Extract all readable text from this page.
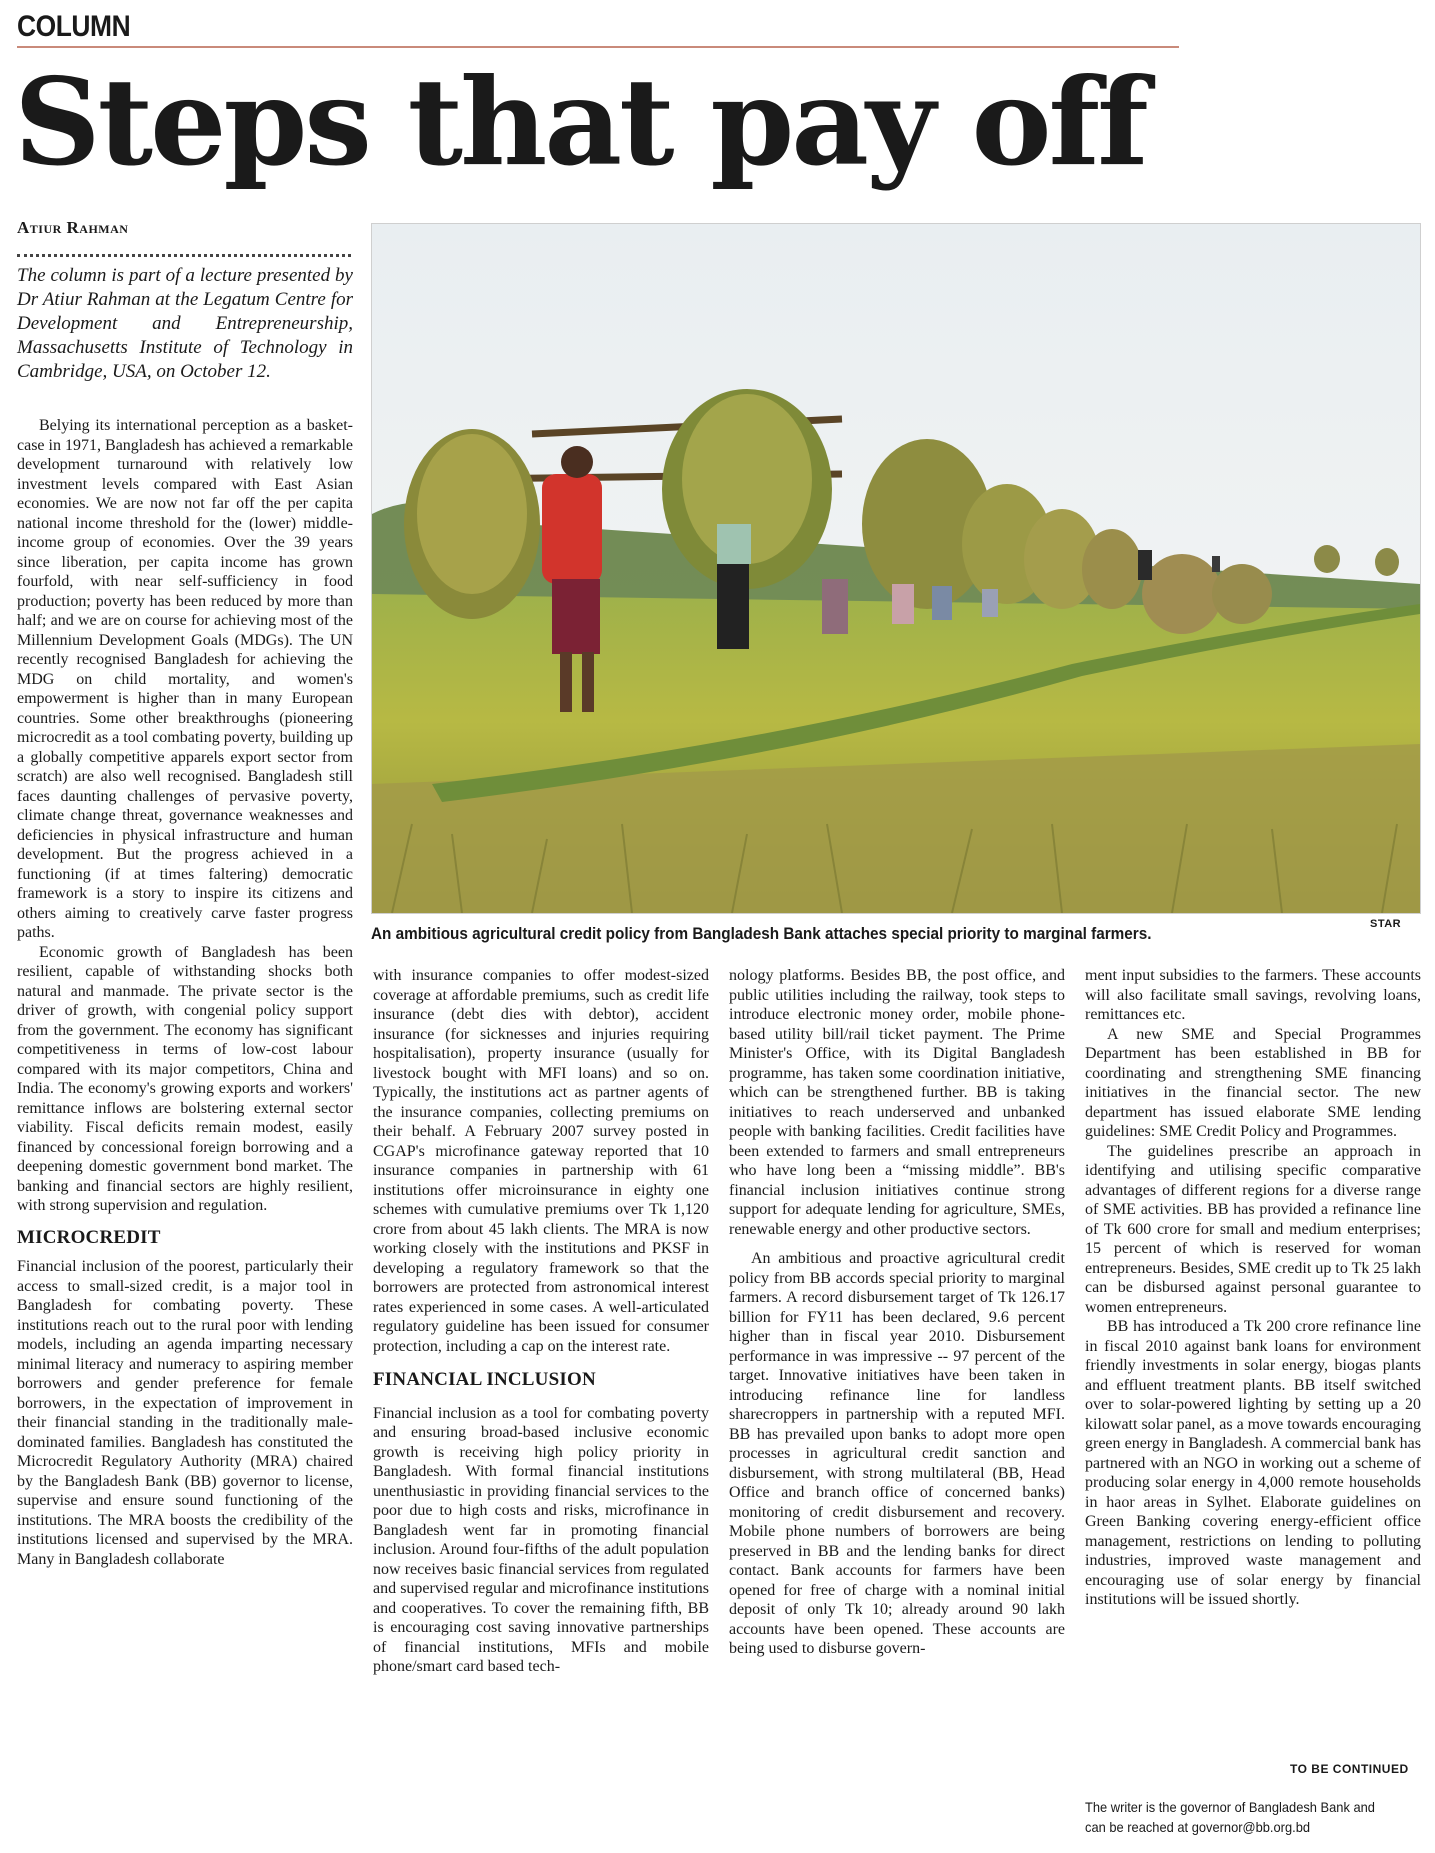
COLUMN
Steps that pay off
Atiur Rahman
The column is part of a lecture presented by Dr Atiur Rahman at the Legatum Centre for Development and Entrepreneurship, Massachusetts Institute of Technology in Cambridge, USA, on October 12.
STAR
An ambitious agricultural credit policy from Bangladesh Bank attaches special priority to marginal farmers.

Belying its international perception as a basket-case in 1971, Bangladesh has achieved a remarkable development turnaround with relatively low investment levels compared with East Asian economies. We are now not far off the per capita national income threshold for the (lower) middle-income group of economies. Over the 39 years since liberation, per capita income has grown fourfold, with near self-sufficiency in food production; poverty has been reduced by more than half; and we are on course for achieving most of the Millennium Development Goals (MDGs). The UN recently recognised Bangladesh for achieving the MDG on child mortality, and women's empowerment is higher than in many European countries. Some other breakthroughs (pioneering microcredit as a tool combating poverty, building up a globally competitive apparels export sector from scratch) are also well recognised. Bangladesh still faces daunting challenges of pervasive poverty, climate change threat, governance weaknesses and deficiencies in physical infrastructure and human development. But the progress achieved in a functioning (if at times faltering) democratic framework is a story to inspire its citizens and others aiming to creatively carve faster progress paths.

Economic growth of Bangladesh has been resilient, capable of withstanding shocks both natural and manmade. The private sector is the driver of growth, with congenial policy support from the government. The economy has significant competitiveness in terms of low-cost labour compared with its major competitors, China and India. The economy's growing exports and workers' remittance inflows are bolstering external sector viability. Fiscal deficits remain modest, easily financed by concessional foreign borrowing and a deepening domestic government bond market. The banking and financial sectors are highly resilient, with strong supervision and regulation.

MICROCREDIT

Financial inclusion of the poorest, particularly their access to small-sized credit, is a major tool in Bangladesh for combating poverty. These institutions reach out to the rural poor with lending models, including an agenda imparting necessary minimal literacy and numeracy to aspiring member borrowers and gender preference for female borrowers, in the expectation of improvement in their financial standing in the traditionally male-dominated families. Bangladesh has constituted the Microcredit Regulatory Authority (MRA) chaired by the Bangladesh Bank (BB) governor to license, supervise and ensure sound functioning of the institutions. The MRA boosts the credibility of the institutions licensed and supervised by the MRA. Many in Bangladesh collaborate

with insurance companies to offer modest-sized coverage at affordable premiums, such as credit life insurance (debt dies with debtor), accident insurance (for sicknesses and injuries requiring hospitalisation), property insurance (usually for livestock bought with MFI loans) and so on. Typically, the institutions act as partner agents of the insurance companies, collecting premiums on their behalf. A February 2007 survey posted in CGAP's microfinance gateway reported that 10 insurance companies in partnership with 61 institutions offer microinsurance in eighty one schemes with cumulative premiums over Tk 1,120 crore from about 45 lakh clients. The MRA is now working closely with the institutions and PKSF in developing a regulatory framework so that the borrowers are protected from astronomical interest rates experienced in some cases. A well-articulated regulatory guideline has been issued for consumer protection, including a cap on the interest rate.

FINANCIAL INCLUSION

Financial inclusion as a tool for combating poverty and ensuring broad-based inclusive economic growth is receiving high policy priority in Bangladesh. With formal financial institutions unenthusiastic in providing financial services to the poor due to high costs and risks, microfinance in Bangladesh went far in promoting financial inclusion. Around four-fifths of the adult population now receives basic financial services from regulated and supervised regular and microfinance institutions and cooperatives. To cover the remaining fifth, BB is encouraging cost saving innovative partnerships of financial institutions, MFIs and mobile phone/smart card based tech-

nology platforms. Besides BB, the post office, and public utilities including the railway, took steps to introduce electronic money order, mobile phone-based utility bill/rail ticket payment. The Prime Minister's Office, with its Digital Bangladesh programme, has taken some coordination initiative, which can be strengthened further. BB is taking initiatives to reach underserved and unbanked people with banking facilities. Credit facilities have been extended to farmers and small entrepreneurs who have long been a “missing middle”. BB's financial inclusion initiatives continue strong support for adequate lending for agriculture, SMEs, renewable energy and other productive sectors.

An ambitious and proactive agricultural credit policy from BB accords special priority to marginal farmers. A record disbursement target of Tk 126.17 billion for FY11 has been declared, 9.6 percent higher than in fiscal year 2010. Disbursement performance in was impressive -- 97 percent of the target. Innovative initiatives have been taken in introducing refinance line for landless sharecroppers in partnership with a reputed MFI. BB has prevailed upon banks to adopt more open processes in agricultural credit sanction and disbursement, with strong multilateral (BB, Head Office and branch office of concerned banks) monitoring of credit disbursement and recovery. Mobile phone numbers of borrowers are being preserved in BB and the lending banks for direct contact. Bank accounts for farmers have been opened for free of charge with a nominal initial deposit of only Tk 10; already around 90 lakh accounts have been opened. These accounts are being used to disburse govern-

ment input subsidies to the farmers. These accounts will also facilitate small savings, revolving loans, remittances etc.

A new SME and Special Programmes Department has been established in BB for coordinating and strengthening SME financing initiatives in the financial sector. The new department has issued elaborate SME lending guidelines: SME Credit Policy and Programmes.

The guidelines prescribe an approach in identifying and utilising specific comparative advantages of different regions for a diverse range of SME activities. BB has provided a refinance line of Tk 600 crore for small and medium enterprises; 15 percent of which is reserved for woman entrepreneurs. Besides, SME credit up to Tk 25 lakh can be disbursed against personal guarantee to women entrepreneurs.

BB has introduced a Tk 200 crore refinance line in fiscal 2010 against bank loans for environment friendly investments in solar energy, biogas plants and effluent treatment plants. BB itself switched over to solar-powered lighting by setting up a 20 kilowatt solar panel, as a move towards encouraging green energy in Bangladesh. A commercial bank has partnered with an NGO in working out a scheme of producing solar energy in 4,000 remote households in haor areas in Sylhet. Elaborate guidelines on Green Banking covering energy-efficient office management, restrictions on lending to polluting industries, improved waste management and encouraging use of solar energy by financial institutions will be issued shortly.

TO BE CONTINUED
The writer is the governor of Bangladesh Bank and can be reached at governor@bb.org.bd
